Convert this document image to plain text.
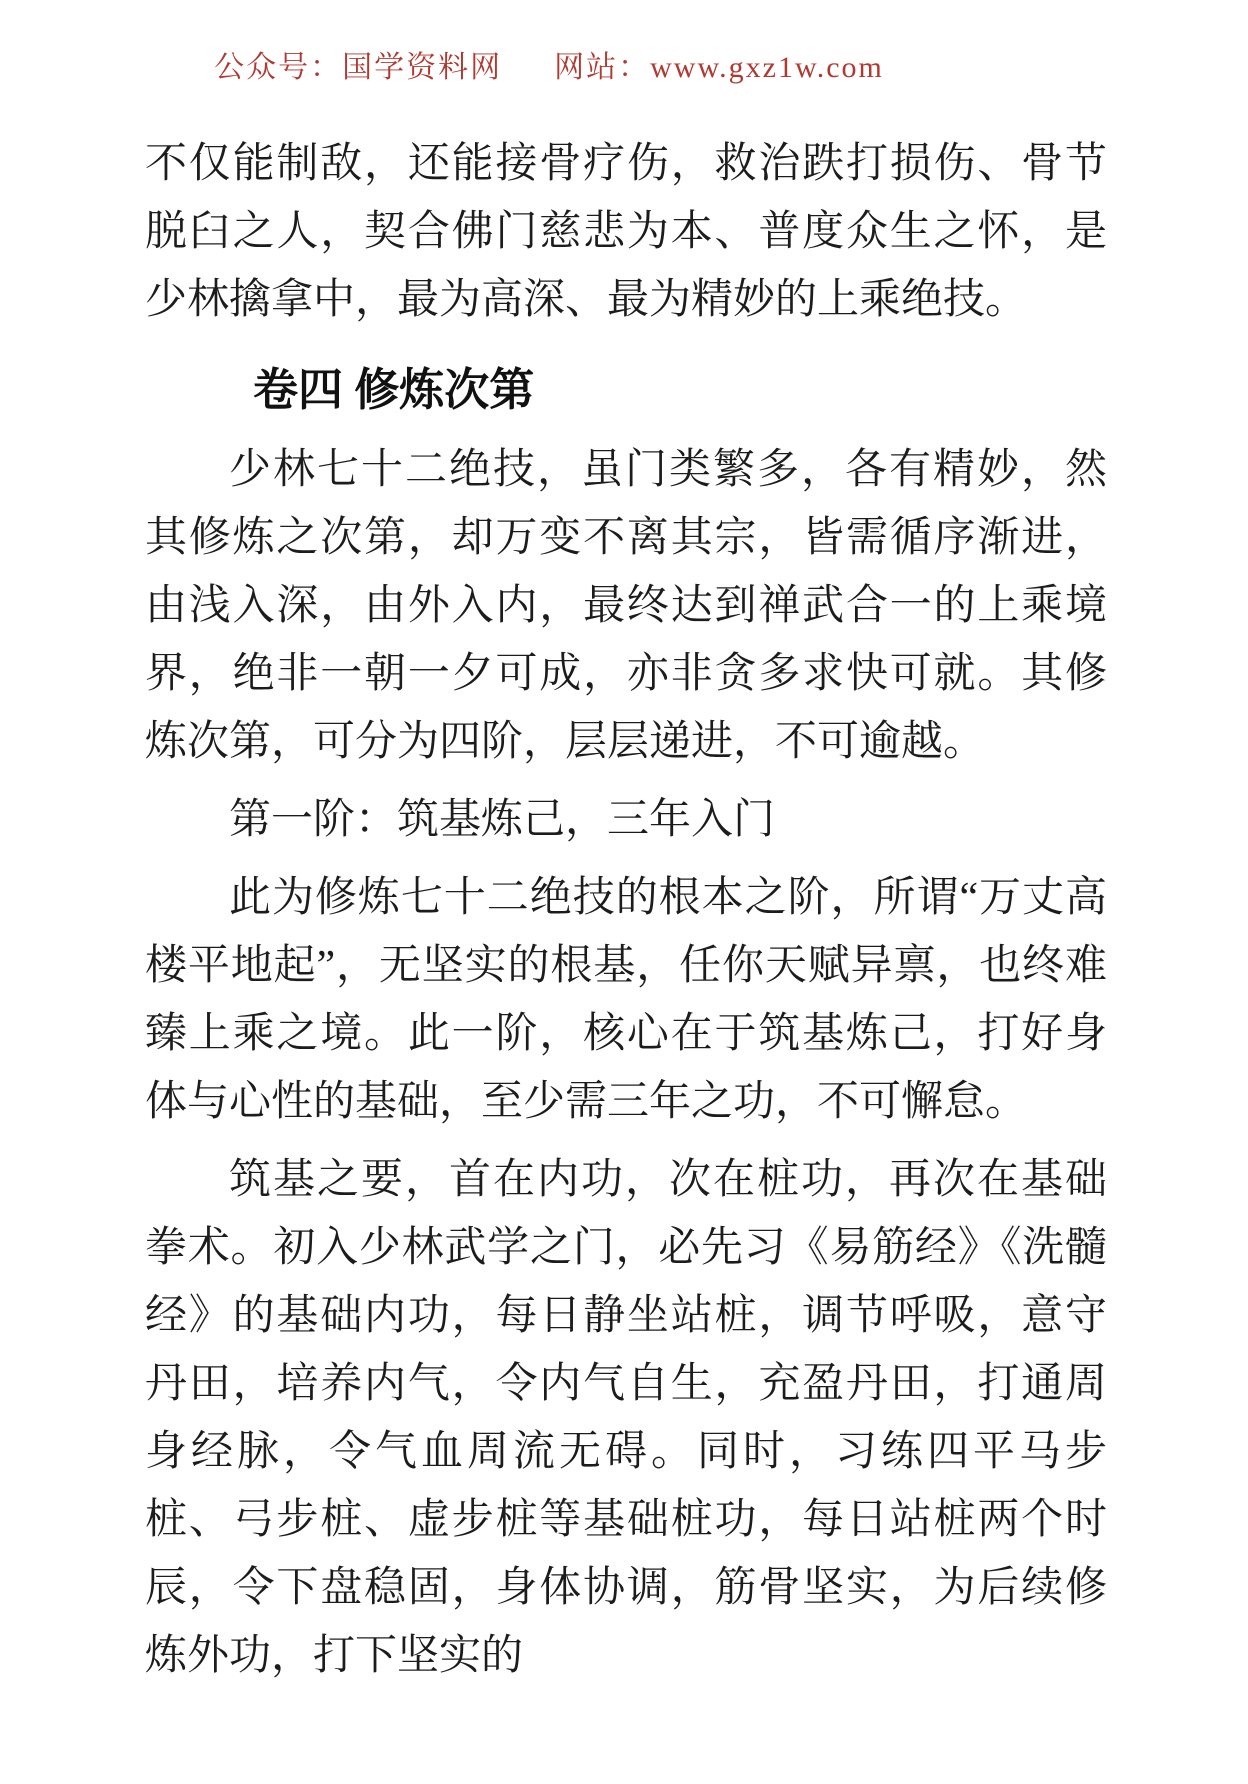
公众号：国学资料网 网站：www.gxz1w.com

不仅能制敌，还能接骨疗伤，救治跌打损伤、骨节脱臼之人，契合佛门慈悲为本、普度众生之怀，是少林擒拿中，最为高深、最为精妙的上乘绝技。

卷四 修炼次第

少林七十二绝技，虽门类繁多，各有精妙，然其修炼之次第，却万变不离其宗，皆需循序渐进，由浅入深，由外入内，最终达到禅武合一的上乘境界，绝非一朝一夕可成，亦非贪多求快可就。其修炼次第，可分为四阶，层层递进，不可逾越。

第一阶：筑基炼己，三年入门

此为修炼七十二绝技的根本之阶，所谓“万丈高楼平地起”，无坚实的根基，任你天赋异禀，也终难臻上乘之境。此一阶，核心在于筑基炼己，打好身体与心性的基础，至少需三年之功，不可懈怠。

筑基之要，首在内功，次在桩功，再次在基础拳术。初入少林武学之门，必先习《易筋经》《洗髓经》的基础内功，每日静坐站桩，调节呼吸，意守丹田，培养内气，令内气自生，充盈丹田，打通周身经脉，令气血周流无碍。同时，习练四平马步桩、弓步桩、虚步桩等基础桩功，每日站桩两个时辰，令下盘稳固，身体协调，筋骨坚实，为后续修炼外功，打下坚实的
